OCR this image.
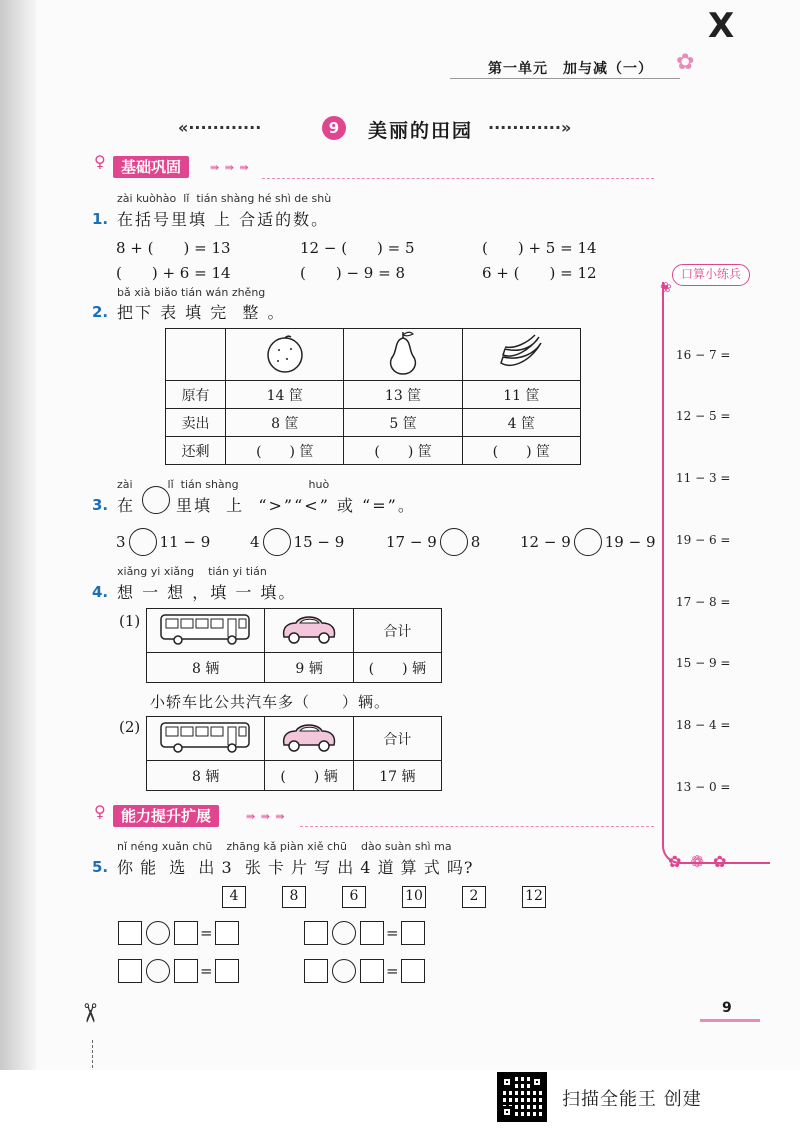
X
第一单元　加与减（一） ✿
«············	9	美丽的田园 ············»
♀	基础巩固	⇛ ⇛ ⇛
zài kuòhào  lǐ  tián shàng hé shì de shù
1. 在括号里填 上 合适的数。
8 + (　　) = 13	12 − (　　) = 5	(　　) + 5 = 14
(　　) + 6 = 14	(　　) − 9 = 8	6 + (　　) = 12
bǎ xià biǎo tián wán zhěng
2. 把下 表 填 完  整 。

原有	14 筐	13 筐	11 筐
卖出	8 筐	5 筐	4 筐
还剩	(　　) 筐	(　　) 筐	(　　) 筐
zài          lǐ  tián shàng                    huò
3. 在	里填  上  “>”“<” 或 “=”。
3 11 − 9	4 15 − 9	17 − 9 8	12 − 9 19 − 9
xiǎng yi xiǎng    tián yi tián
4. 想 一 想 ，填 一 填。
(1)
		合计
8 辆	9 辆	(　　) 辆
小轿车比公共汽车多（　　）辆。
(2)
		合计
8 辆	(　　) 辆	17 辆
♀	能力提升扩展	⇛ ⇛ ⇛
nǐ néng xuǎn chū    zhāng kǎ piàn xiě chū    dào suàn shì ma
5. 你 能  选  出 3  张 卡 片 写 出 4 道 算 式 吗?
4	8	6	10	2	12
=	=
=	=
口算小练兵
❀
16 − 7 =
12 − 5 =
11 − 3 =
19 − 6 =
17 − 8 =
15 − 9 =
18 − 4 =
13 − 0 =
✿ ❁ ✿
9
✂
扫描全能王 创建
